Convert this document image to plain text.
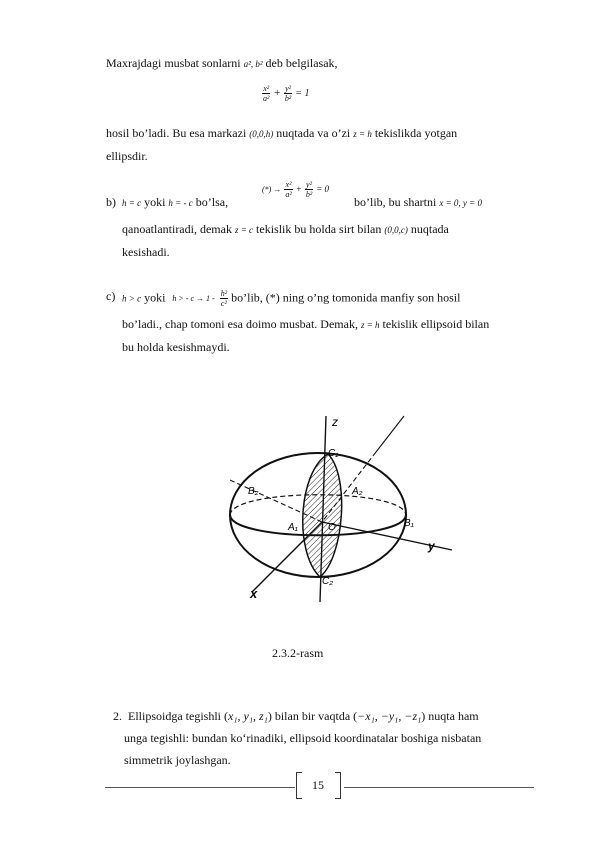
Maxrajdagi musbat sonlarni a², b² deb belgilasak,
$\frac{\text{x²}}{\text{a²}} + \frac{\text{y²}}{\text{b²}} = 1$
hosil bo’ladi. Bu esa markazi (0,0,h) nuqtada va o’zi z = h tekislikda yotgan
ellipsdir.
b) h = c yoki h = - c bo’lsa,
(*) → $\frac{\text{x²}}{\text{a²}} + \frac{\text{y²}}{\text{b²}} = 0$
bo’lib, bu shartni x = 0, y = 0
qanoatlantiradi, demak z = c tekislik bu holda sirt bilan (0,0,c) nuqtada
kesishadi.
c) h > c yoki h > - $c \to 1 - \frac{\text{h²}}{\text{c²}}$ bo’lib, (*) ning o’ng tomonida manfiy son hosil
bo’ladi., chap tomoni esa doimo musbat. Demak, z = h tekislik ellipsoid bilan
bu holda kesishmaydi.
z
y
x
C₁
C₂
A₁
A₂
B₁
B₂
O
2.3.2-rasm
2. Ellipsoidga tegishli (x₁, y₁, z₁) bilan bir vaqtda (−x₁, −y₁, −z₁) nuqta ham
unga tegishli: bundan ko‘rinadiki, ellipsoid koordinatalar boshiga nisbatan
simmetrik joylashgan.
15
